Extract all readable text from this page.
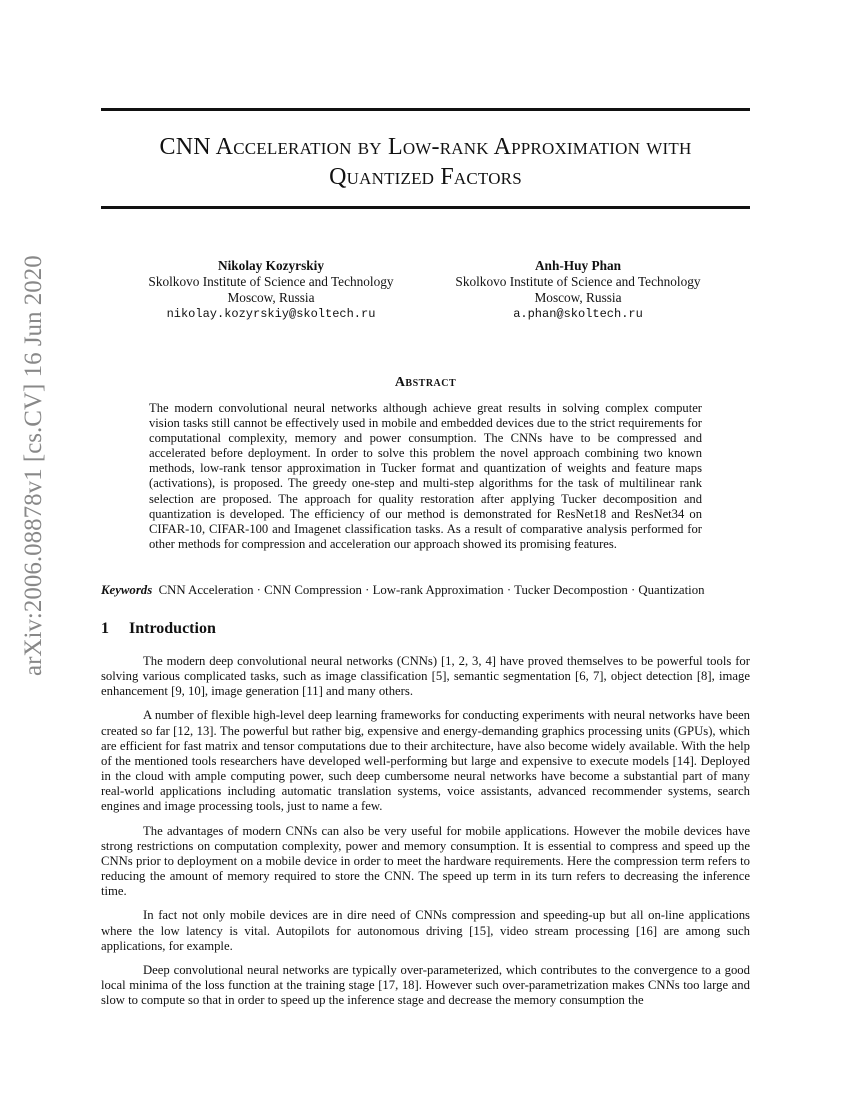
arXiv:2006.08878v1 [cs.CV] 16 Jun 2020
CNN Acceleration by Low-rank Approximation with
Quantized Factors
Nikolay Kozyrskiy
Skolkovo Institute of Science and Technology
Moscow, Russia
nikolay.kozyrskiy@skoltech.ru
Anh-Huy Phan
Skolkovo Institute of Science and Technology
Moscow, Russia
a.phan@skoltech.ru
Abstract

The modern convolutional neural networks although achieve great results in solving complex computer vision tasks still cannot be effectively used in mobile and embedded devices due to the strict requirements for computational complexity, memory and power consumption. The CNNs have to be compressed and accelerated before deployment. In order to solve this problem the novel approach combining two known methods, low-rank tensor approximation in Tucker format and quantization of weights and feature maps (activations), is proposed. The greedy one-step and multi-step algorithms for the task of multilinear rank selection are proposed. The approach for quality restoration after applying Tucker decomposition and quantization is developed. The efficiency of our method is demonstrated for ResNet18 and ResNet34 on CIFAR-10, CIFAR-100 and Imagenet classification tasks. As a result of comparative analysis performed for other methods for compression and acceleration our approach showed its promising features.

Keywords CNN Acceleration · CNN Compression · Low-rank Approximation · Tucker Decompostion · Quantization
1 Introduction

The modern deep convolutional neural networks (CNNs) [1, 2, 3, 4] have proved themselves to be powerful tools for solving various complicated tasks, such as image classification [5], semantic segmentation [6, 7], object detection [8], image enhancement [9, 10], image generation [11] and many others.

A number of flexible high-level deep learning frameworks for conducting experiments with neural networks have been created so far [12, 13]. The powerful but rather big, expensive and energy-demanding graphics processing units (GPUs), which are efficient for fast matrix and tensor computations due to their architecture, have also become widely available. With the help of the mentioned tools researchers have developed well-performing but large and expensive to execute models [14]. Deployed in the cloud with ample computing power, such deep cumbersome neural networks have become a substantial part of many real-world applications including automatic translation systems, voice assistants, advanced recommender systems, search engines and image processing tools, just to name a few.

The advantages of modern CNNs can also be very useful for mobile applications. However the mobile devices have strong restrictions on computation complexity, power and memory consumption. It is essential to compress and speed up the CNNs prior to deployment on a mobile device in order to meet the hardware requirements. Here the compression term refers to reducing the amount of memory required to store the CNN. The speed up term in its turn refers to decreasing the inference time.

In fact not only mobile devices are in dire need of CNNs compression and speeding-up but all on-line applications where the low latency is vital. Autopilots for autonomous driving [15], video stream processing [16] are among such applications, for example.

Deep convolutional neural networks are typically over-parameterized, which contributes to the convergence to a good local minima of the loss function at the training stage [17, 18]. However such over-parametrization makes CNNs too large and slow to compute so that in order to speed up the inference stage and decrease the memory consumption the
